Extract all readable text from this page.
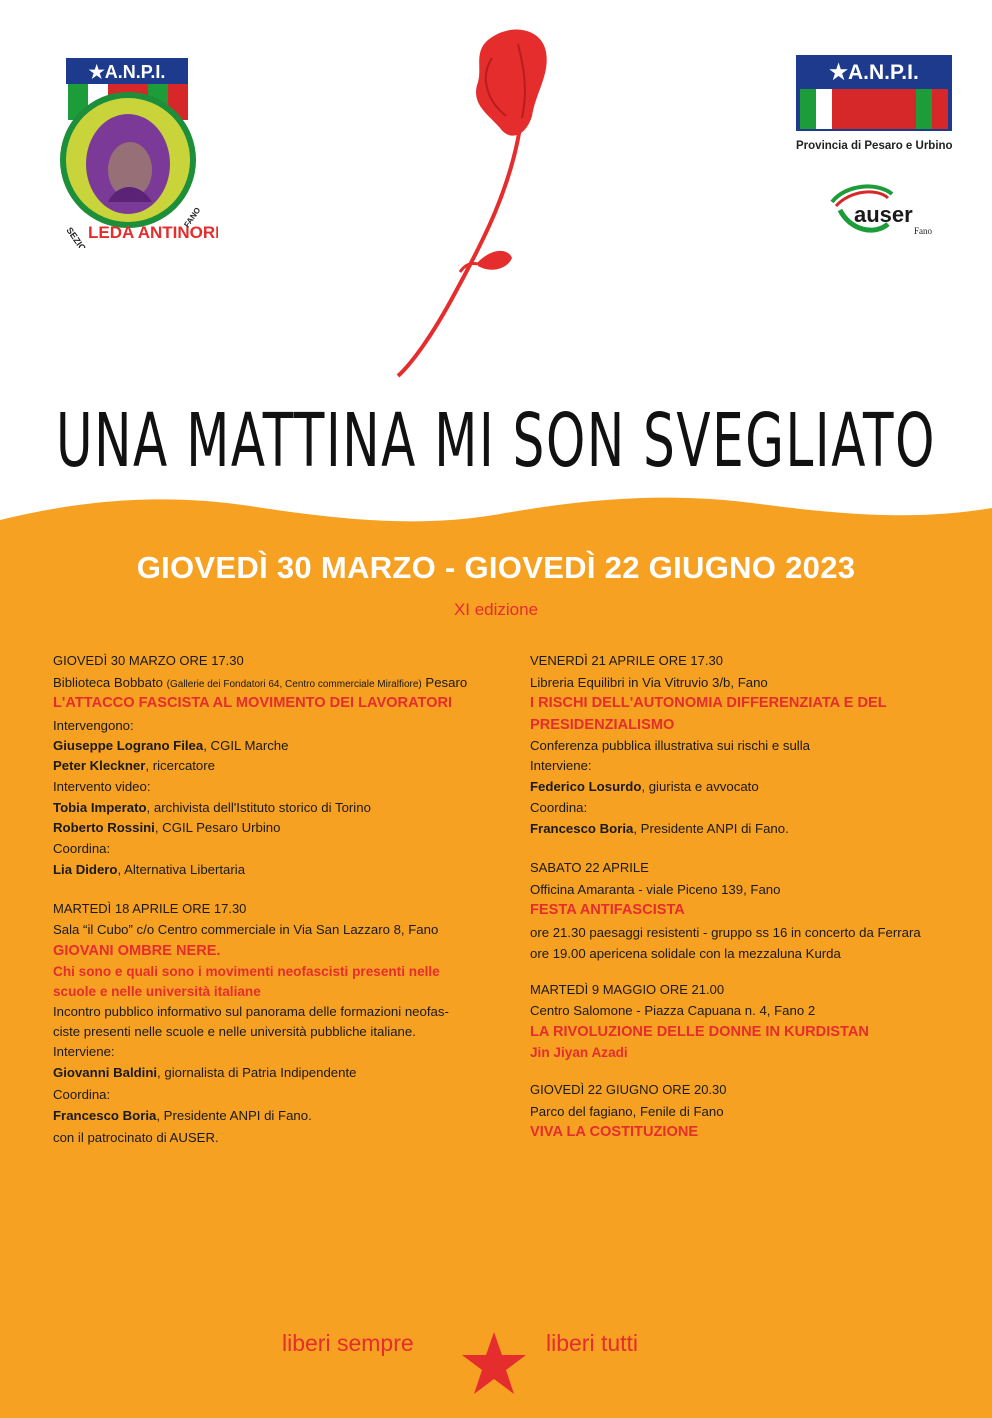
★A.N.P.I.
SEZIONE
LEDA ANTINORI
FANO
★A.N.P.I.
Provincia di Pesaro e Urbino
auser
Fano
UNA MATTINA MI SON SVEGLIATO
GIOVEDÌ 30 MARZO - GIOVEDÌ 22 GIUGNO 2023
XI edizione
GIOVEDÌ 30 MARZO ORE 17.30
Biblioteca Bobbato (Gallerie dei Fondatori 64, Centro commerciale Miralfiore) Pesaro
L'ATTACCO FASCISTA AL MOVIMENTO DEI LAVORATORI
Intervengono:
Giuseppe Lograno Filea, CGIL Marche
Peter Kleckner, ricercatore
Intervento video:
Tobia Imperato, archivista dell'Istituto storico di Torino
Roberto Rossini, CGIL Pesaro Urbino
Coordina:
Lia Didero, Alternativa Libertaria
MARTEDÌ 18 APRILE ORE 17.30
Sala “il Cubo” c/o Centro commerciale in Via San Lazzaro 8, Fano
GIOVANI OMBRE NERE.
Chi sono e quali sono i movimenti neofascisti presenti nelle
scuole e nelle università italiane
Incontro pubblico informativo sul panorama delle formazioni neofas-
ciste presenti nelle scuole e nelle università pubbliche italiane.
Interviene:
Giovanni Baldini, giornalista di Patria Indipendente
Coordina:
Francesco Boria, Presidente ANPI di Fano.
con il patrocinato di AUSER.
VENERDÌ 21 APRILE ORE 17.30
Libreria Equilibri in Via Vitruvio 3/b, Fano
I RISCHI DELL'AUTONOMIA DIFFERENZIATA E DEL
PRESIDENZIALISMO
Conferenza pubblica illustrativa sui rischi e sulla
Interviene:
Federico Losurdo, giurista e avvocato
Coordina:
Francesco Boria, Presidente ANPI di Fano.
SABATO 22 APRILE
Officina Amaranta - viale Piceno 139, Fano
FESTA ANTIFASCISTA
ore 21.30 paesaggi resistenti - gruppo ss 16 in concerto da Ferrara
ore 19.00 apericena solidale con la mezzaluna Kurda
MARTEDÌ 9 MAGGIO ORE 21.00
Centro Salomone - Piazza Capuana n. 4, Fano 2
LA RIVOLUZIONE DELLE DONNE IN KURDISTAN
Jin Jiyan Azadi
GIOVEDÌ 22 GIUGNO ORE 20.30
Parco del fagiano, Fenile di Fano
VIVA LA COSTITUZIONE
liberi sempre	liberi tutti
